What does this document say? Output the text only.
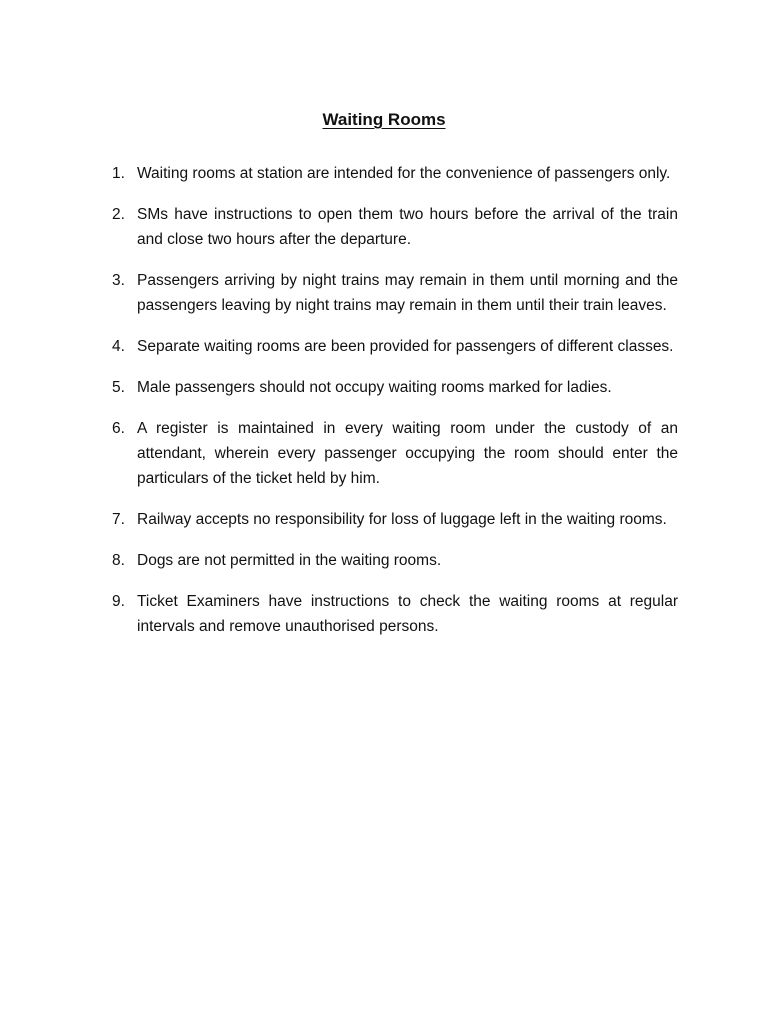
Waiting Rooms
1. Waiting rooms at station are intended for the convenience of passengers only.
2. SMs have instructions to open them two hours before the arrival of the train and close two hours after the departure.
3. Passengers arriving by night trains may remain in them until morning and the passengers leaving by night trains may remain in them until their train leaves.
4. Separate waiting rooms are been provided for passengers of different classes.
5. Male passengers should not occupy waiting rooms marked for ladies.
6. A register is maintained in every waiting room under the custody of an attendant, wherein every passenger occupying the room should enter the particulars of the ticket held by him.
7. Railway accepts no responsibility for loss of luggage left in the waiting rooms.
8. Dogs are not permitted in the waiting rooms.
9. Ticket Examiners have instructions to check the waiting rooms at regular intervals and remove unauthorised persons.
